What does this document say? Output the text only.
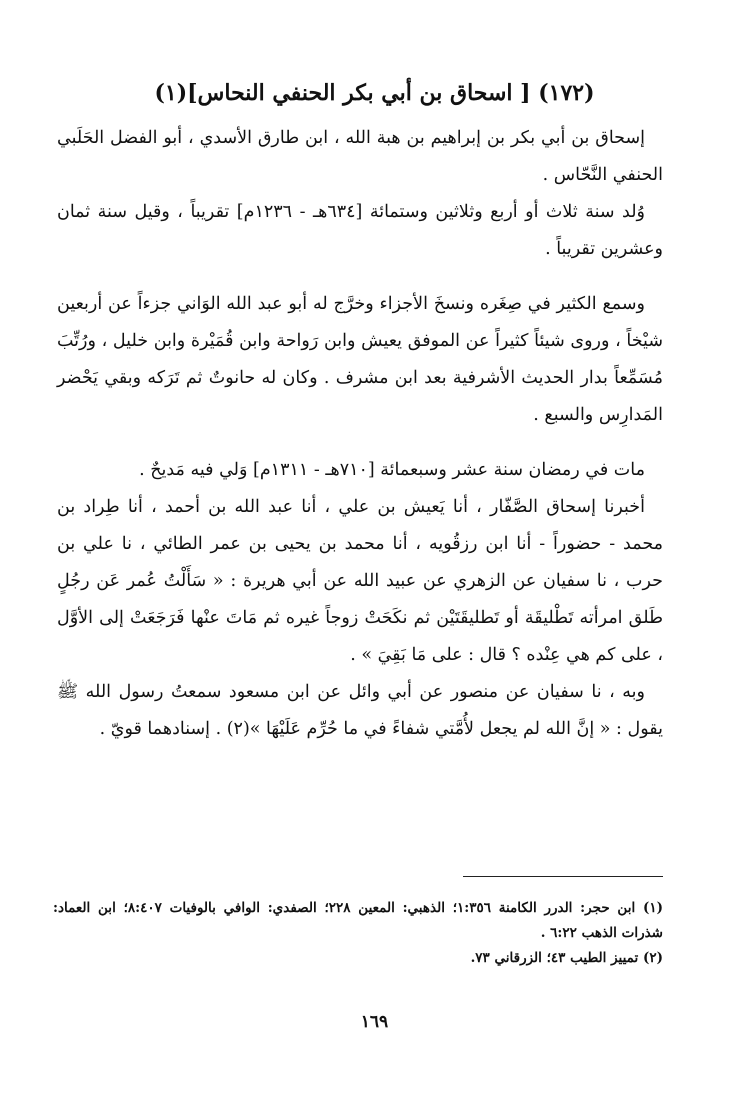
(١٧٢) [ اسحاق بن أبي بكر الحنفي النحاس](١)

إسحاق بن أبي بكر بن إبراهيم بن هبة الله ، ابن طارق الأسدي ، أبو الفضل الحَلَبي الحنفي النَّحّاس .

وُلد سنة ثلاث أو أربع وثلاثين وستمائة [٦٣٤هـ - ١٢٣٦م] تقريباً ، وقيل سنة ثمان وعشرين تقريباً .

وسمع الكثير في صِغَره ونسخَ الأجزاء وخرَّج له أبو عبد الله الوَاني جزءاً عن أربعين شيْخاً ، وروى شيئاً كثيراً عن الموفق يعيش وابن رَواحة وابن قُمَيْرة وابن خليل ، ورُتِّبَ مُسَمِّعاً بدار الحديث الأشرفية بعد ابن مشرف . وكان له حانوتٌ ثم تَرَكه وبقي يَحْضر المَدارِس والسبع .

مات في رمضان سنة عشر وسبعمائة [٧١٠هـ - ١٣١١م] وَلي فيه مَديحٌ .

أخبرنا إسحاق الصَّفّار ، أنا يَعيش بن علي ، أنا عبد الله بن أحمد ، أنا طِراد بن محمد - حضوراً - أنا ابن رزقُويه ، أنا محمد بن يحيى بن عمر الطائي ، نا علي بن حرب ، نا سفيان عن الزهري عن عبيد الله عن أبي هريرة : « سَأَلْتُ عُمر عَن رجُلٍ طَلق امرأته تَطْليقَة أو تَطليقَتَيْن ثم نكَحَتْ زوجاً غيره ثم مَاتَ عنْها فَرَجَعَتْ إلى الأوَّل ، على كم هي عِنْده ؟ قال : على مَا بَقِيَ » .

وبه ، نا سفيان عن منصور عن أبي وائل عن ابن مسعود سمعتُ رسول الله ﷺ يقول : « إنَّ الله لم يجعل لأُمَّتي شفاءً في ما حُرِّم عَلَيْهَا »(٢) . إسنادهما قويّ .

(١) ابن حجر: الدرر الكامنة ١:٣٥٦؛ الذهبي: المعين ٢٢٨؛ الصفدي: الوافي بالوفيات ٨:٤٠٧؛ ابن العماد: شذرات الذهب ٦:٢٢ .

(٢) تمييز الطيب ٤٣؛ الزرقاني ٧٣.

١٦٩
